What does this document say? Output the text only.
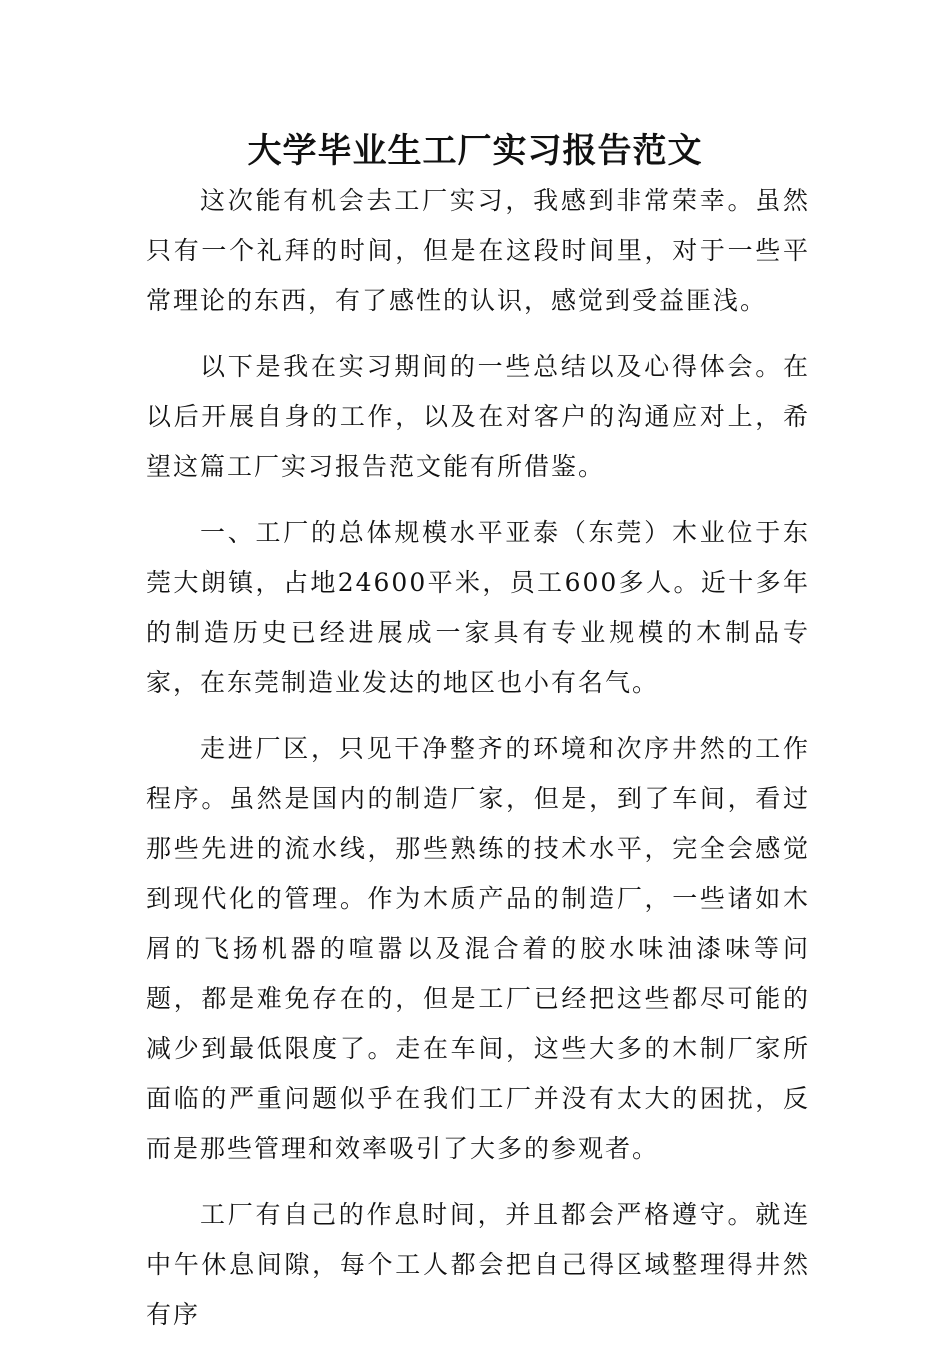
大学毕业生工厂实习报告范文

这次能有机会去工厂实习，我感到非常荣幸。虽然只有一个礼拜的时间，但是在这段时间里，对于一些平常理论的东西，有了感性的认识，感觉到受益匪浅。

以下是我在实习期间的一些总结以及心得体会。在以后开展自身的工作，以及在对客户的沟通应对上，希望这篇工厂实习报告范文能有所借鉴。

一、工厂的总体规模水平亚泰（东莞）木业位于东莞大朗镇，占地24600平米，员工600多人。近十多年的制造历史已经进展成一家具有专业规模的木制品专家，在东莞制造业发达的地区也小有名气。

走进厂区，只见干净整齐的环境和次序井然的工作程序。虽然是国内的制造厂家，但是，到了车间，看过那些先进的流水线，那些熟练的技术水平，完全会感觉到现代化的管理。作为木质产品的制造厂，一些诸如木屑的飞扬机器的喧嚣以及混合着的胶水味油漆味等问题，都是难免存在的，但是工厂已经把这些都尽可能的减少到最低限度了。走在车间，这些大多的木制厂家所面临的严重问题似乎在我们工厂并没有太大的困扰，反而是那些管理和效率吸引了大多的参观者。

工厂有自己的作息时间，并且都会严格遵守。就连中午休息间隙，每个工人都会把自己得区域整理得井然有序
